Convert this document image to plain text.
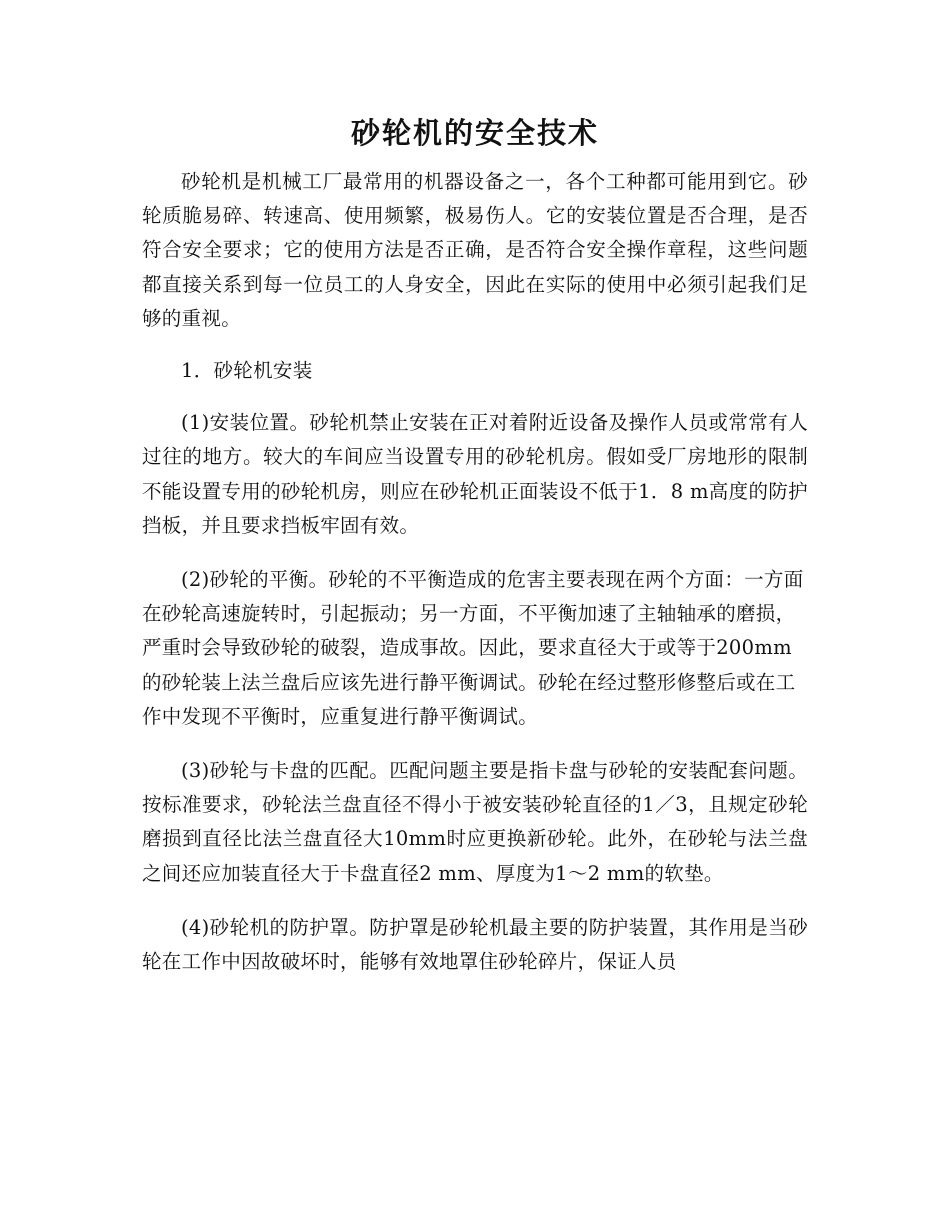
砂轮机的安全技术

砂轮机是机械工厂最常用的机器设备之一，各个工种都可能用到它。砂轮质脆易碎、转速高、使用频繁，极易伤人。它的安装位置是否合理，是否符合安全要求；它的使用方法是否正确，是否符合安全操作章程，这些问题都直接关系到每一位员工的人身安全，因此在实际的使用中必须引起我们足够的重视。

1．砂轮机安装

(1)安装位置。砂轮机禁止安装在正对着附近设备及操作人员或常常有人过往的地方。较大的车间应当设置专用的砂轮机房。假如受厂房地形的限制不能设置专用的砂轮机房，则应在砂轮机正面装设不低于1．8 m高度的防护挡板，并且要求挡板牢固有效。

(2)砂轮的平衡。砂轮的不平衡造成的危害主要表现在两个方面：一方面在砂轮高速旋转时，引起振动；另一方面，不平衡加速了主轴轴承的磨损，严重时会导致砂轮的破裂，造成事故。因此，要求直径大于或等于200mm的砂轮装上法兰盘后应该先进行静平衡调试。砂轮在经过整形修整后或在工作中发现不平衡时，应重复进行静平衡调试。

(3)砂轮与卡盘的匹配。匹配问题主要是指卡盘与砂轮的安装配套问题。按标准要求，砂轮法兰盘直径不得小于被安装砂轮直径的1／3，且规定砂轮磨损到直径比法兰盘直径大10mm时应更换新砂轮。此外，在砂轮与法兰盘之间还应加装直径大于卡盘直径2 mm、厚度为1～2 mm的软垫。

(4)砂轮机的防护罩。防护罩是砂轮机最主要的防护装置，其作用是当砂轮在工作中因故破坏时，能够有效地罩住砂轮碎片，保证人员
